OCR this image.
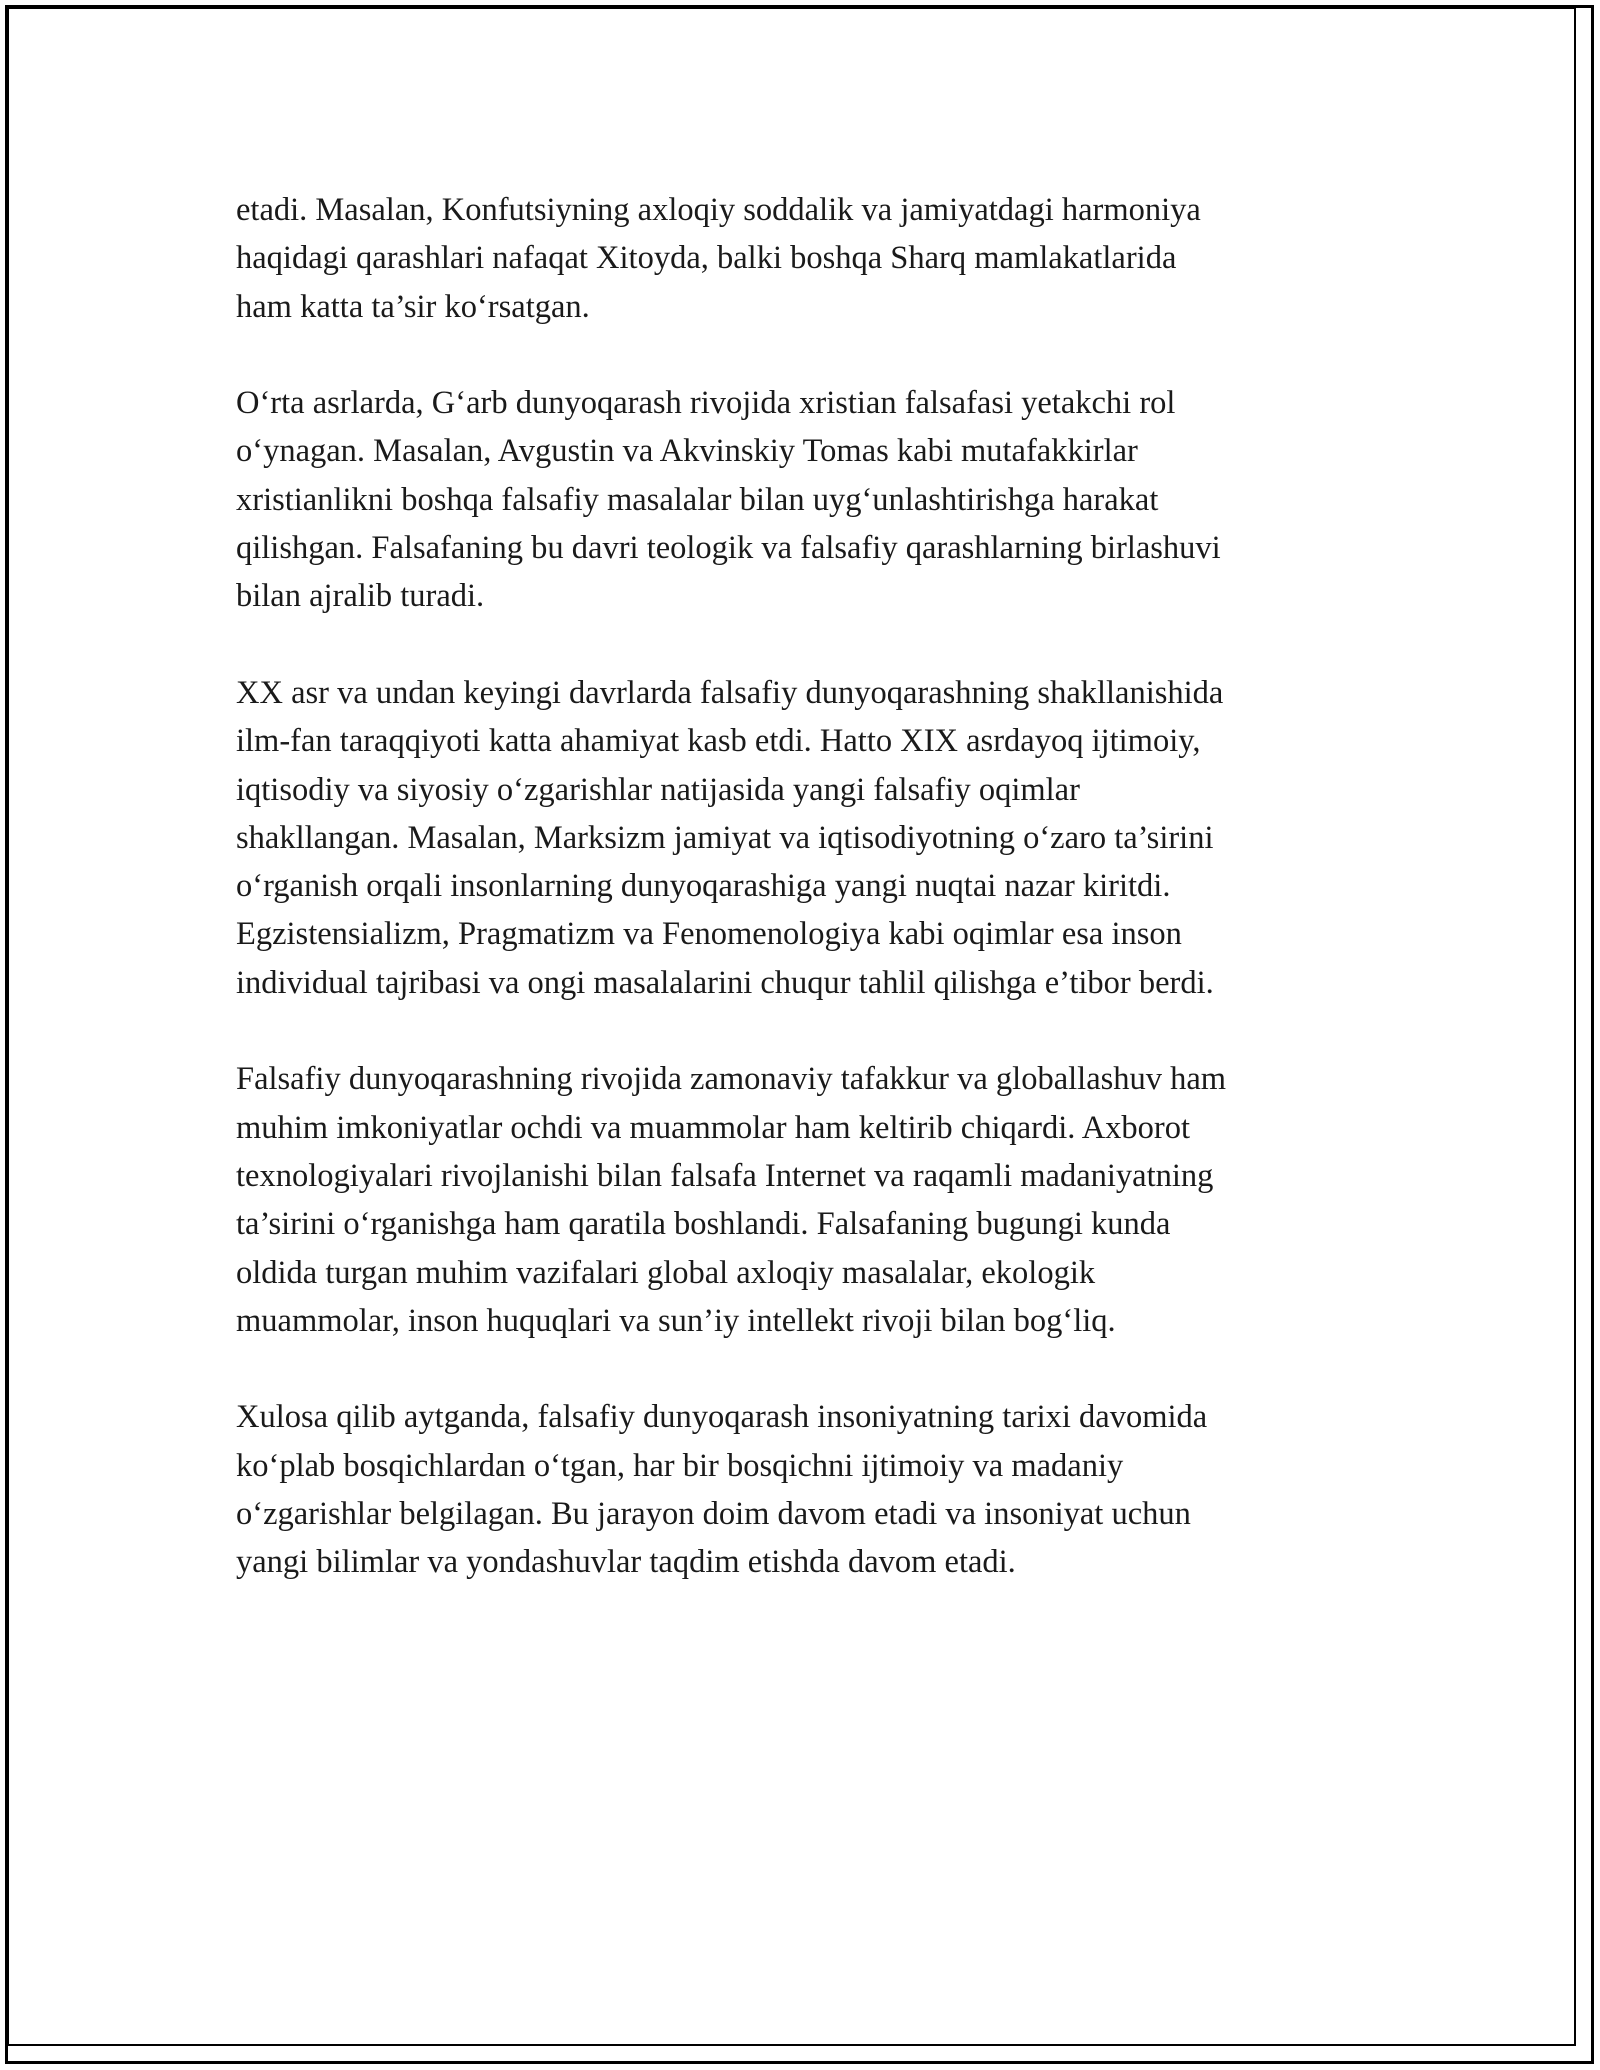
etadi. Masalan, Konfutsiyning axloqiy soddalik va jamiyatdagi harmoniya
haqidagi qarashlari nafaqat Xitoyda, balki boshqa Sharq mamlakatlarida
ham katta ta’sir ko‘rsatgan.

O‘rta asrlarda, G‘arb dunyoqarash rivojida xristian falsafasi yetakchi rol
o‘ynagan. Masalan, Avgustin va Akvinskiy Tomas kabi mutafakkirlar
xristianlikni boshqa falsafiy masalalar bilan uyg‘unlashtirishga harakat
qilishgan. Falsafaning bu davri teologik va falsafiy qarashlarning birlashuvi
bilan ajralib turadi.

XX asr va undan keyingi davrlarda falsafiy dunyoqarashning shakllanishida
ilm-fan taraqqiyoti katta ahamiyat kasb etdi. Hatto XIX asrdayoq ijtimoiy,
iqtisodiy va siyosiy o‘zgarishlar natijasida yangi falsafiy oqimlar
shakllangan. Masalan, Marksizm jamiyat va iqtisodiyotning o‘zaro ta’sirini
o‘rganish orqali insonlarning dunyoqarashiga yangi nuqtai nazar kiritdi.
Egzistensializm, Pragmatizm va Fenomenologiya kabi oqimlar esa inson
individual tajribasi va ongi masalalarini chuqur tahlil qilishga e’tibor berdi.

Falsafiy dunyoqarashning rivojida zamonaviy tafakkur va globallashuv ham
muhim imkoniyatlar ochdi va muammolar ham keltirib chiqardi. Axborot
texnologiyalari rivojlanishi bilan falsafa Internet va raqamli madaniyatning
ta’sirini o‘rganishga ham qaratila boshlandi. Falsafaning bugungi kunda
oldida turgan muhim vazifalari global axloqiy masalalar, ekologik
muammolar, inson huquqlari va sun’iy intellekt rivoji bilan bog‘liq.

Xulosa qilib aytganda, falsafiy dunyoqarash insoniyatning tarixi davomida
ko‘plab bosqichlardan o‘tgan, har bir bosqichni ijtimoiy va madaniy
o‘zgarishlar belgilagan. Bu jarayon doim davom etadi va insoniyat uchun
yangi bilimlar va yondashuvlar taqdim etishda davom etadi.
